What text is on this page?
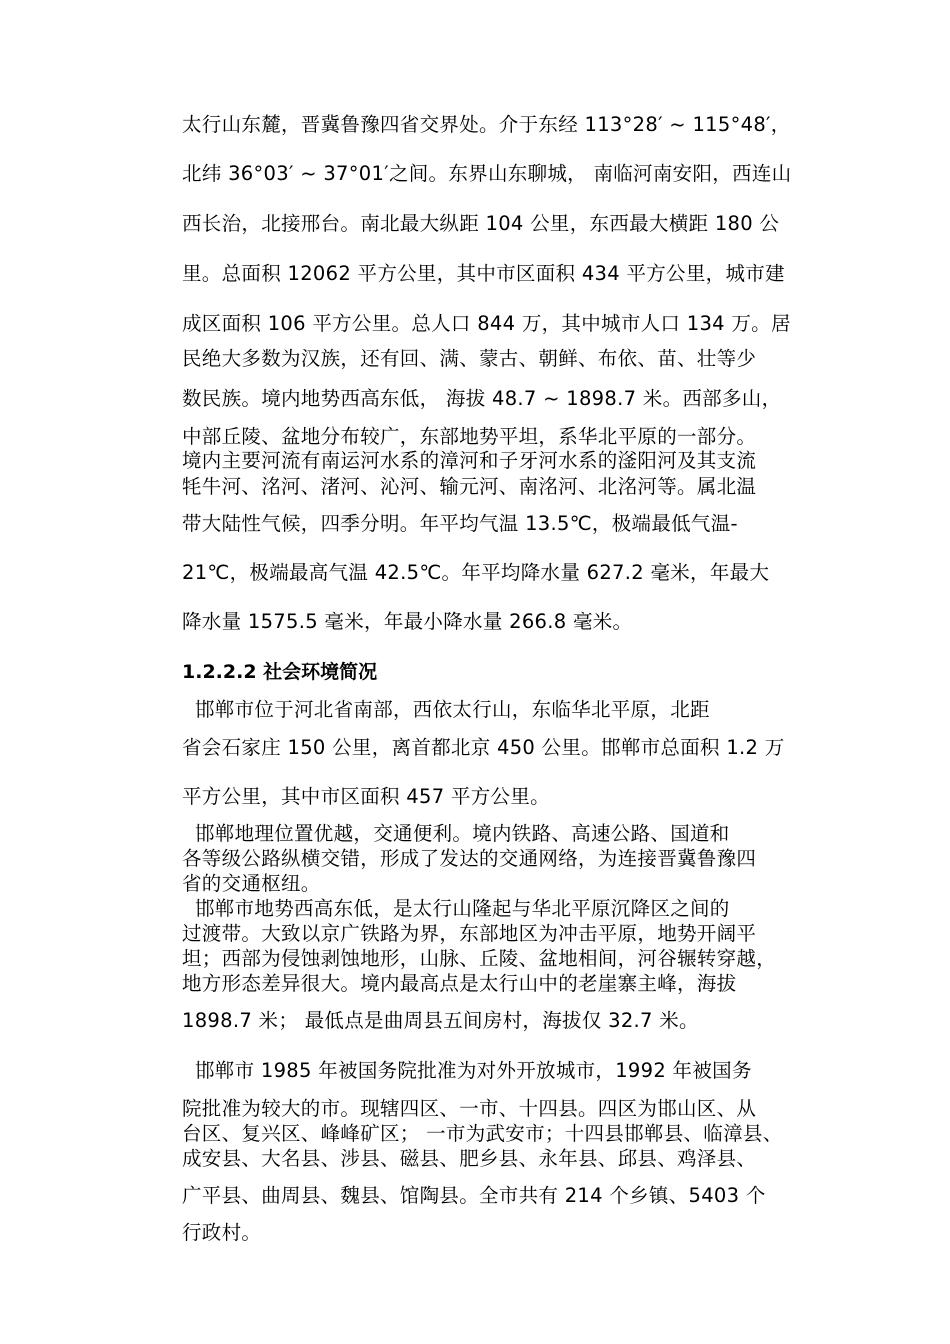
太行山东麓，晋冀鲁豫四省交界处。介于东经 113°28′ ~ 115°48′，
北纬 36°03′ ~ 37°01′之间。东界山东聊城， 南临河南安阳，西连山
西长治，北接邢台。南北最大纵距 104 公里，东西最大横距 180 公
里。总面积 12062 平方公里，其中市区面积 434 平方公里，城市建
成区面积 106 平方公里。总人口 844 万，其中城市人口 134 万。居
民绝大多数为汉族，还有回、满、蒙古、朝鲜、布依、苗、壮等少
数民族。境内地势西高东低， 海拔 48.7 ~ 1898.7 米。西部多山，
中部丘陵、盆地分布较广，东部地势平坦，系华北平原的一部分。
境内主要河流有南运河水系的漳河和子牙河水系的滏阳河及其支流
牦牛河、洺河、渚河、沁河、输元河、南洺河、北洺河等。属北温
带大陆性气候，四季分明。年平均气温 13.5℃，极端最低气温-
21℃，极端最高气温 42.5℃。年平均降水量 627.2 毫米，年最大
降水量 1575.5 毫米，年最小降水量 266.8 毫米。
1.2.2.2 社会环境简况
邯郸市位于河北省南部，西依太行山，东临华北平原，北距
省会石家庄 150 公里，离首都北京 450 公里。邯郸市总面积 1.2 万
平方公里，其中市区面积 457 平方公里。
邯郸地理位置优越，交通便利。境内铁路、高速公路、国道和
各等级公路纵横交错，形成了发达的交通网络，为连接晋冀鲁豫四
省的交通枢纽。
邯郸市地势西高东低，是太行山隆起与华北平原沉降区之间的
过渡带。大致以京广铁路为界，东部地区为冲击平原，地势开阔平
坦；西部为侵蚀剥蚀地形，山脉、丘陵、盆地相间，河谷辗转穿越，
地方形态差异很大。境内最高点是太行山中的老崖寨主峰，海拔
1898.7 米； 最低点是曲周县五间房村，海拔仅 32.7 米。
邯郸市 1985 年被国务院批准为对外开放城市，1992 年被国务
院批准为较大的市。现辖四区、一市、十四县。四区为邯山区、从
台区、复兴区、峰峰矿区； 一市为武安市；十四县邯郸县、临漳县、
成安县、大名县、涉县、磁县、肥乡县、永年县、邱县、鸡泽县、
广平县、曲周县、魏县、馆陶县。全市共有 214 个乡镇、5403 个
行政村。
